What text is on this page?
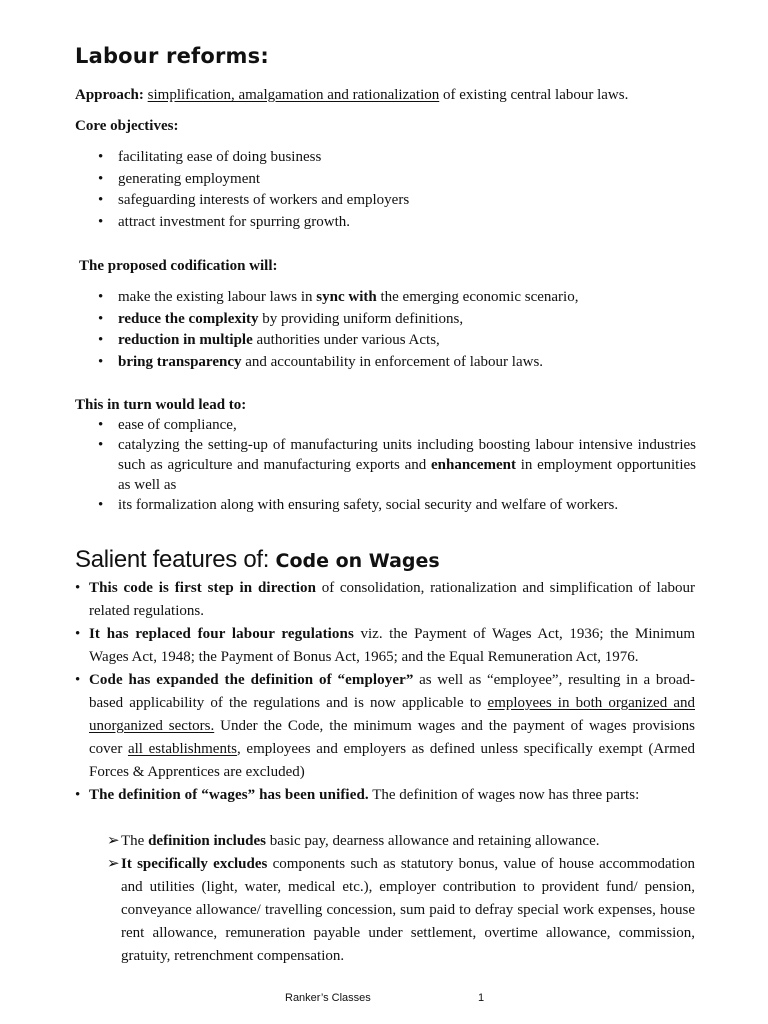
Labour reforms:
Approach: simplification, amalgamation and rationalization of existing central labour laws.
Core objectives:
• facilitating ease of doing business
• generating employment
• safeguarding interests of workers and employers
• attract investment for spurring growth.
The proposed codification will:
• make the existing labour laws in sync with the emerging economic scenario,
• reduce the complexity by providing uniform definitions,
• reduction in multiple authorities under various Acts,
• bring transparency and accountability in enforcement of labour laws.
This in turn would lead to:
• ease of compliance,
• catalyzing the setting-up of manufacturing units including boosting labour intensive industries such as agriculture and manufacturing exports and enhancement in employment opportunities as well as
• its formalization along with ensuring safety, social security and welfare of workers.
Salient features of: Code on Wages
• This code is first step in direction of consolidation, rationalization and simplification of labour related regulations.
• It has replaced four labour regulations viz. the Payment of Wages Act, 1936; the Minimum Wages Act, 1948; the Payment of Bonus Act, 1965; and the Equal Remuneration Act, 1976.
• Code has expanded the definition of “employer” as well as “employee”, resulting in a broad-based applicability of the regulations and is now applicable to employees in both organized and unorganized sectors. Under the Code, the minimum wages and the payment of wages provisions cover all establishments, employees and employers as defined unless specifically exempt (Armed Forces & Apprentices are excluded)
• The definition of “wages” has been unified. The definition of wages now has three parts:
➢ The definition includes basic pay, dearness allowance and retaining allowance.
➢ It specifically excludes components such as statutory bonus, value of house accommodation and utilities (light, water, medical etc.), employer contribution to provident fund/ pension, conveyance allowance/ travelling concession, sum paid to defray special work expenses, house rent allowance, remuneration payable under settlement, overtime allowance, commission, gratuity, retrenchment compensation.
Ranker’s Classes	1
